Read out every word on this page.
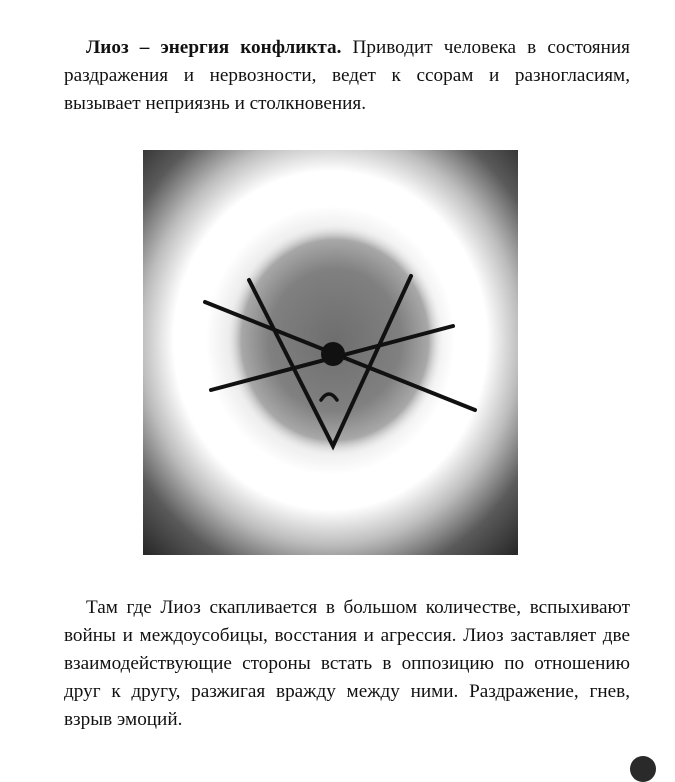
Лиоз – энергия конфликта. Приводит человека в состояния раздражения и нервозности, ведет к ссорам и разногласиям, вызывает неприязнь и столкновения.

Там где Лиоз скапливается в большом количестве, вспыхивают войны и междоусобицы, восстания и агрессия. Лиоз заставляет две взаимодействующие стороны встать в оппозицию по отношению друг к другу, разжигая вражду между ними. Раздражение, гнев, взрыв эмоций.
